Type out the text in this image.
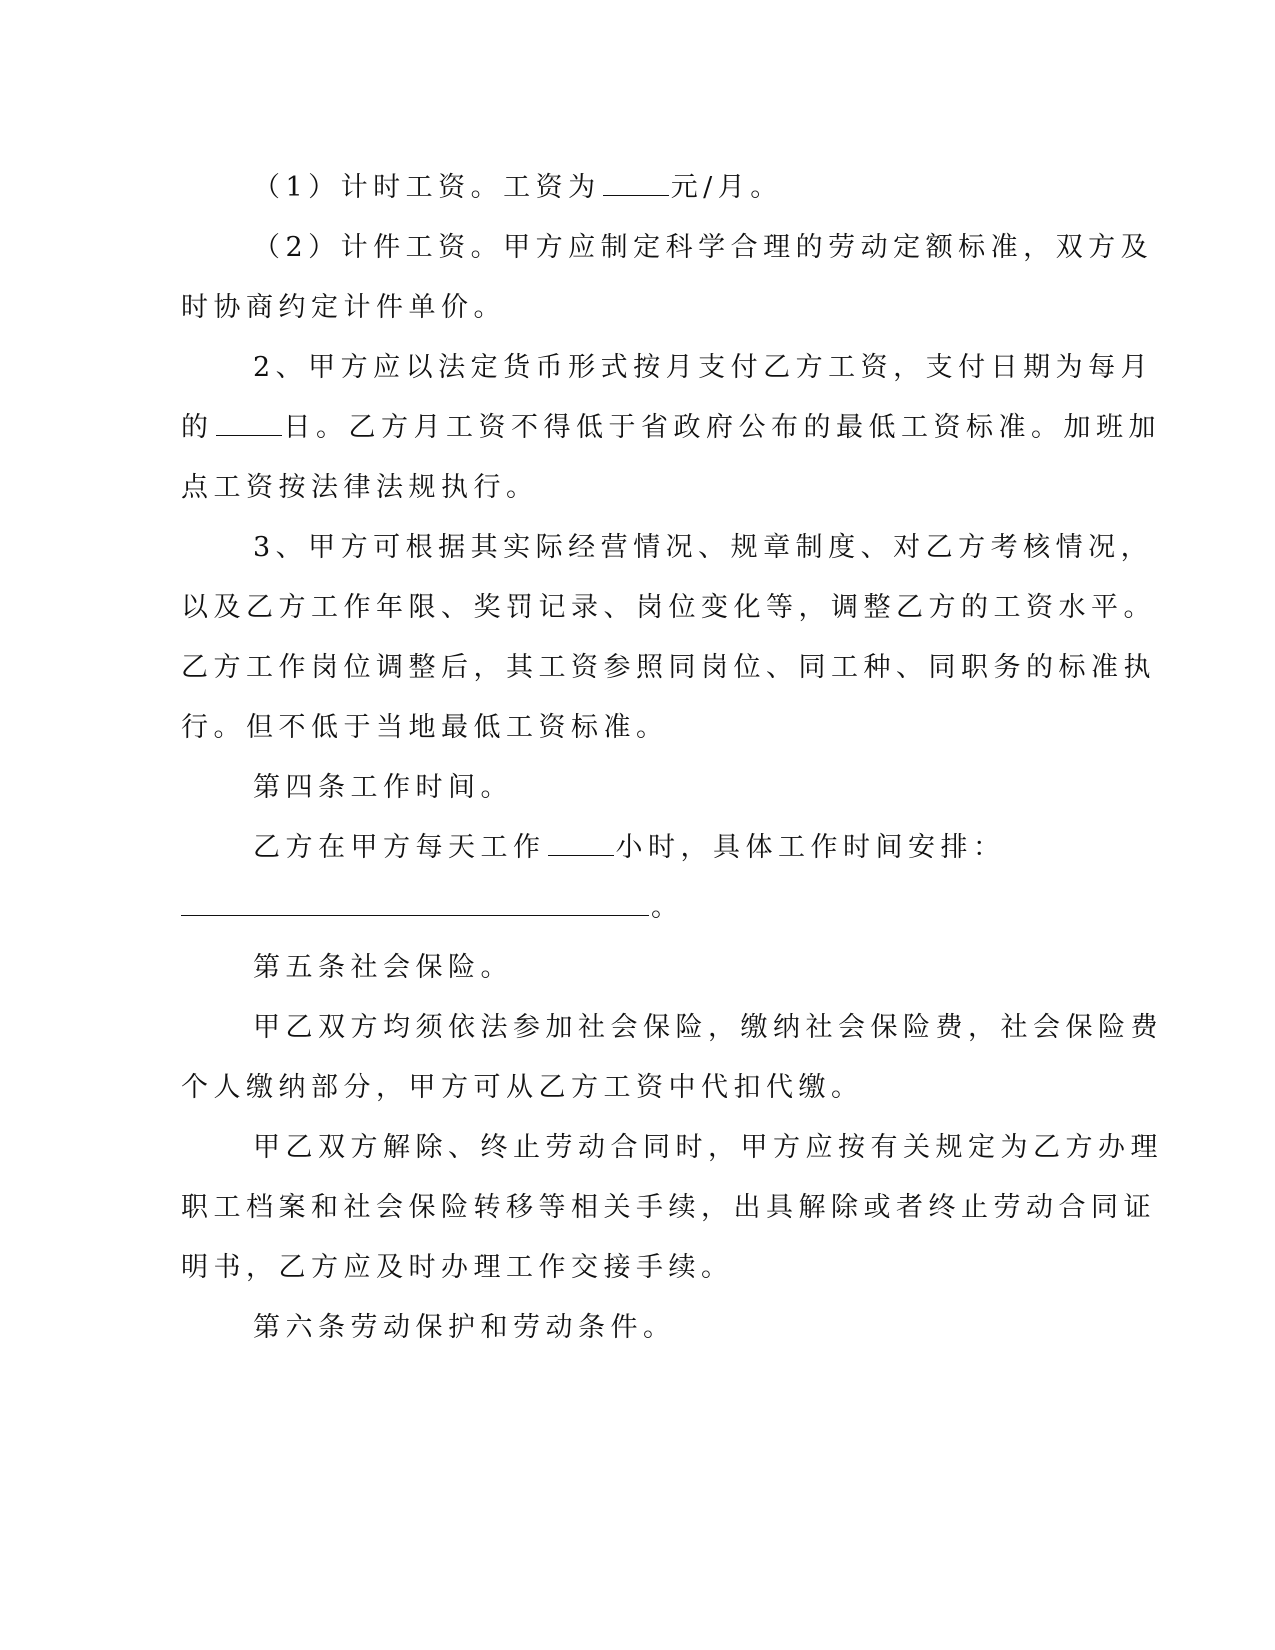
（1）计时工资。工资为	元/月。
（2）计件工资。甲方应制定科学合理的劳动定额标准，双方及
时协商约定计件单价。
2、甲方应以法定货币形式按月支付乙方工资，支付日期为每月
的	日。乙方月工资不得低于省政府公布的最低工资标准。加班加
点工资按法律法规执行。
3、甲方可根据其实际经营情况、规章制度、对乙方考核情况，
以及乙方工作年限、奖罚记录、岗位变化等，调整乙方的工资水平。
乙方工作岗位调整后，其工资参照同岗位、同工种、同职务的标准执
行。但不低于当地最低工资标准。
第四条工作时间。
乙方在甲方每天工作	小时，具体工作时间安排：
。
第五条社会保险。
甲乙双方均须依法参加社会保险，缴纳社会保险费，社会保险费
个人缴纳部分，甲方可从乙方工资中代扣代缴。
甲乙双方解除、终止劳动合同时，甲方应按有关规定为乙方办理
职工档案和社会保险转移等相关手续，出具解除或者终止劳动合同证
明书，乙方应及时办理工作交接手续。
第六条劳动保护和劳动条件。
